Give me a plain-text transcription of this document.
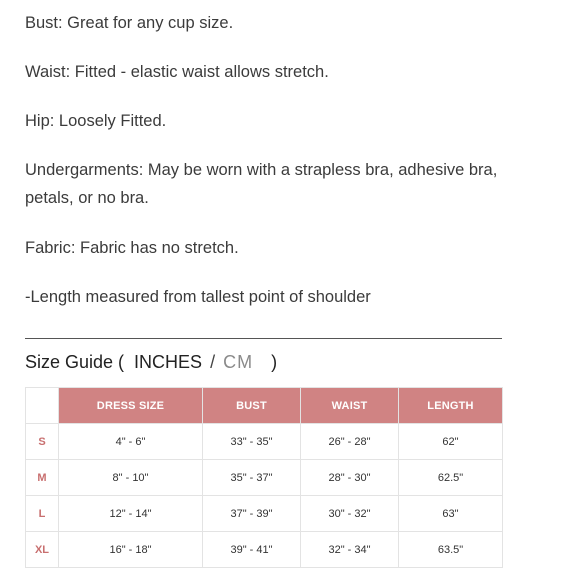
Bust: Great for any cup size.

Waist: Fitted - elastic waist allows stretch.

Hip: Loosely Fitted.

Undergarments: May be worn with a strapless bra, adhesive bra, petals, or no bra.

Fabric: Fabric has no stretch.

-Length measured from tallest point of shoulder

Size Guide ( INCHES / CM )
	DRESS SIZE	BUST	WAIST	LENGTH
S	4" - 6"	33" - 35"	26" - 28"	62"
M	8" - 10"	35" - 37"	28" - 30"	62.5"
L	12" - 14"	37" - 39"	30" - 32"	63"
XL	16" - 18"	39" - 41"	32" - 34"	63.5"
